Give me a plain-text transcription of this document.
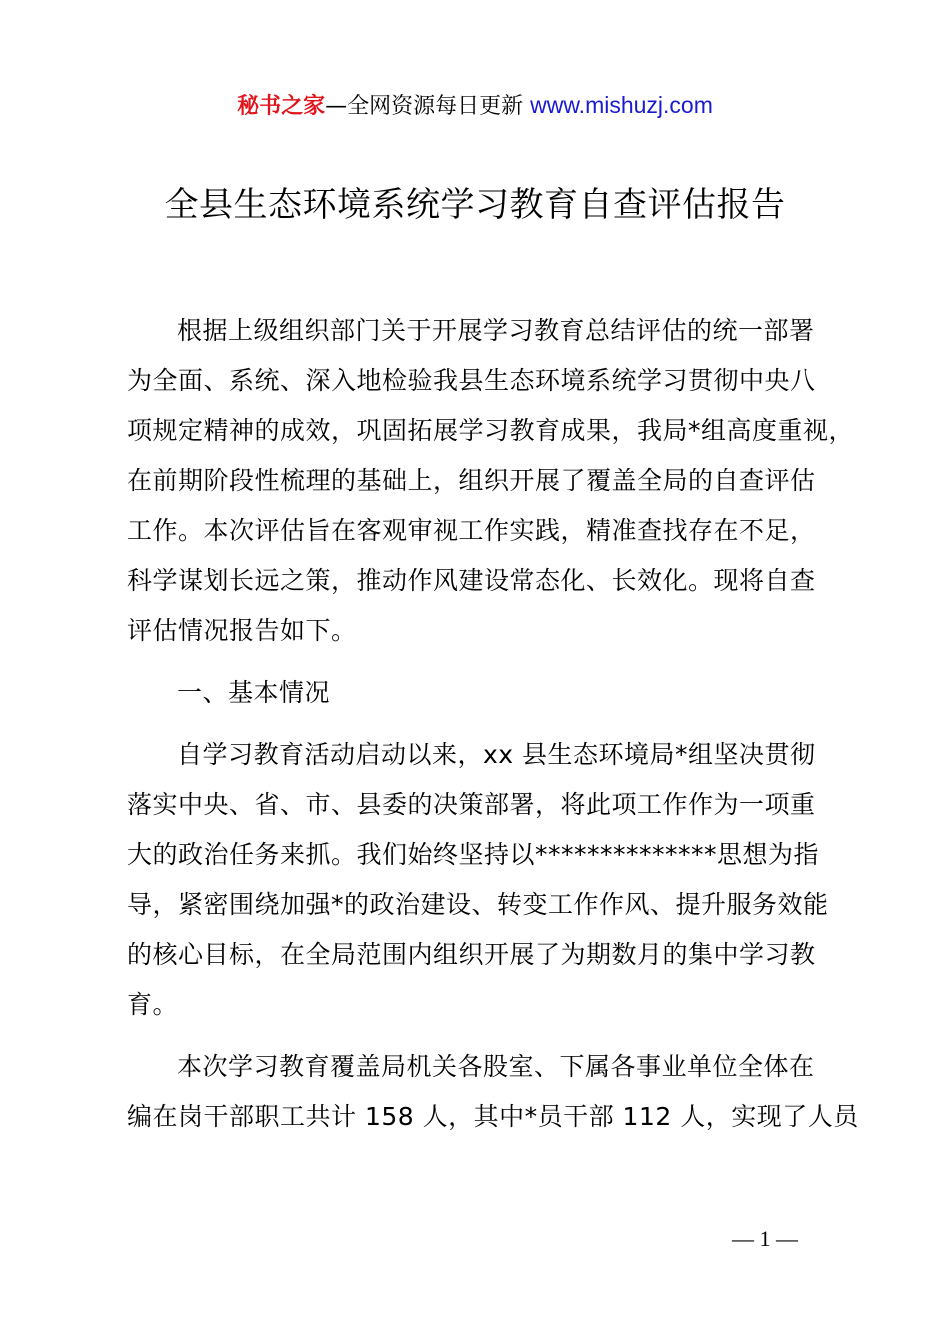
秘书之家—全网资源每日更新 www.mishuzj.com
全县生态环境系统学习教育自查评估报告
根据上级组织部门关于开展学习教育总结评估的统一部署
为全面、系统、深入地检验我县生态环境系统学习贯彻中央八
项规定精神的成效，巩固拓展学习教育成果，我局*组高度重视，
在前期阶段性梳理的基础上，组织开展了覆盖全局的自查评估
工作。本次评估旨在客观审视工作实践，精准查找存在不足，
科学谋划长远之策，推动作风建设常态化、长效化。现将自查
评估情况报告如下。
一、基本情况
自学习教育活动启动以来，xx 县生态环境局*组坚决贯彻
落实中央、省、市、县委的决策部署，将此项工作作为一项重
大的政治任务来抓。我们始终坚持以**************思想为指
导，紧密围绕加强*的政治建设、转变工作作风、提升服务效能
的核心目标，在全局范围内组织开展了为期数月的集中学习教
育。
本次学习教育覆盖局机关各股室、下属各事业单位全体在
编在岗干部职工共计 158 人，其中*员干部 112 人，实现了人员
— 1 —
